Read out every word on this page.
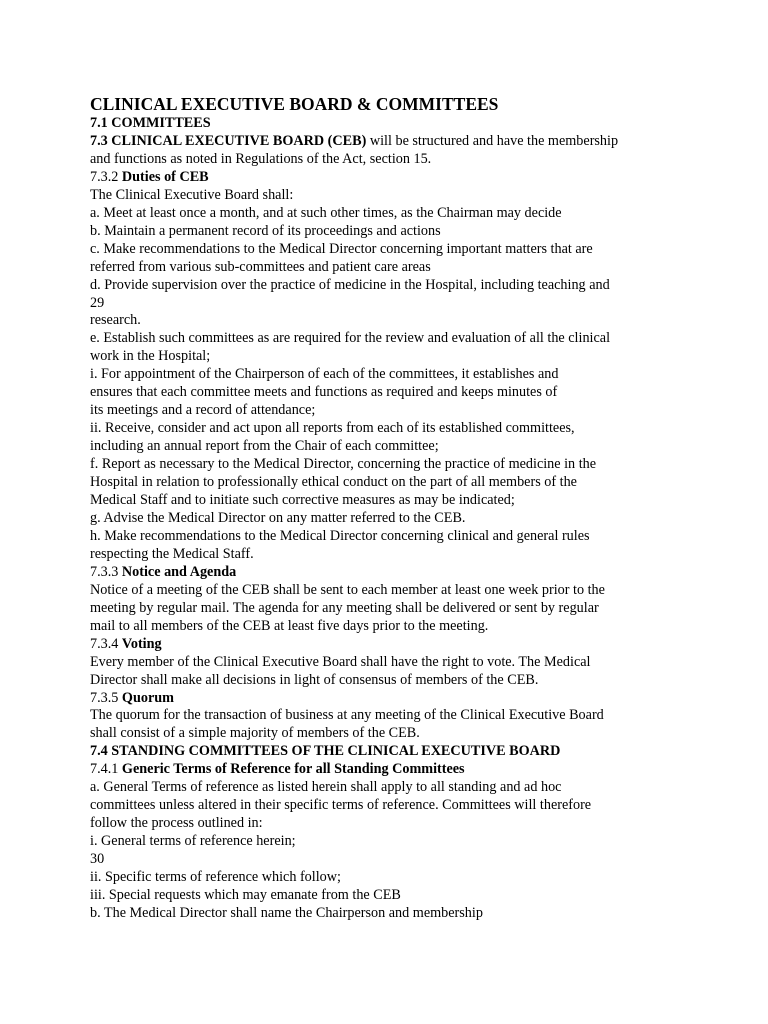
CLINICAL EXECUTIVE BOARD & COMMITTEES
7.1 COMMITTEES
7.3 CLINICAL EXECUTIVE BOARD (CEB) will be structured and have the membership
and functions as noted in Regulations of the Act, section 15.
7.3.2 Duties of CEB
The Clinical Executive Board shall:
a. Meet at least once a month, and at such other times, as the Chairman may decide
b. Maintain a permanent record of its proceedings and actions
c. Make recommendations to the Medical Director concerning important matters that are
referred from various sub-committees and patient care areas
d. Provide supervision over the practice of medicine in the Hospital, including teaching and
29
research.
e. Establish such committees as are required for the review and evaluation of all the clinical
work in the Hospital;
i. For appointment of the Chairperson of each of the committees, it establishes and
ensures that each committee meets and functions as required and keeps minutes of
its meetings and a record of attendance;
ii. Receive, consider and act upon all reports from each of its established committees,
including an annual report from the Chair of each committee;
f. Report as necessary to the Medical Director, concerning the practice of medicine in the
Hospital in relation to professionally ethical conduct on the part of all members of the
Medical Staff and to initiate such corrective measures as may be indicated;
g. Advise the Medical Director on any matter referred to the CEB.
h. Make recommendations to the Medical Director concerning clinical and general rules
respecting the Medical Staff.
7.3.3 Notice and Agenda
Notice of a meeting of the CEB shall be sent to each member at least one week prior to the
meeting by regular mail. The agenda for any meeting shall be delivered or sent by regular
mail to all members of the CEB at least five days prior to the meeting.
7.3.4 Voting
Every member of the Clinical Executive Board shall have the right to vote. The Medical
Director shall make all decisions in light of consensus of members of the CEB.
7.3.5 Quorum
The quorum for the transaction of business at any meeting of the Clinical Executive Board
shall consist of a simple majority of members of the CEB.
7.4 STANDING COMMITTEES OF THE CLINICAL EXECUTIVE BOARD
7.4.1 Generic Terms of Reference for all Standing Committees
a. General Terms of reference as listed herein shall apply to all standing and ad hoc
committees unless altered in their specific terms of reference. Committees will therefore
follow the process outlined in:
i. General terms of reference herein;
30
ii. Specific terms of reference which follow;
iii. Special requests which may emanate from the CEB
b. The Medical Director shall name the Chairperson and membership
